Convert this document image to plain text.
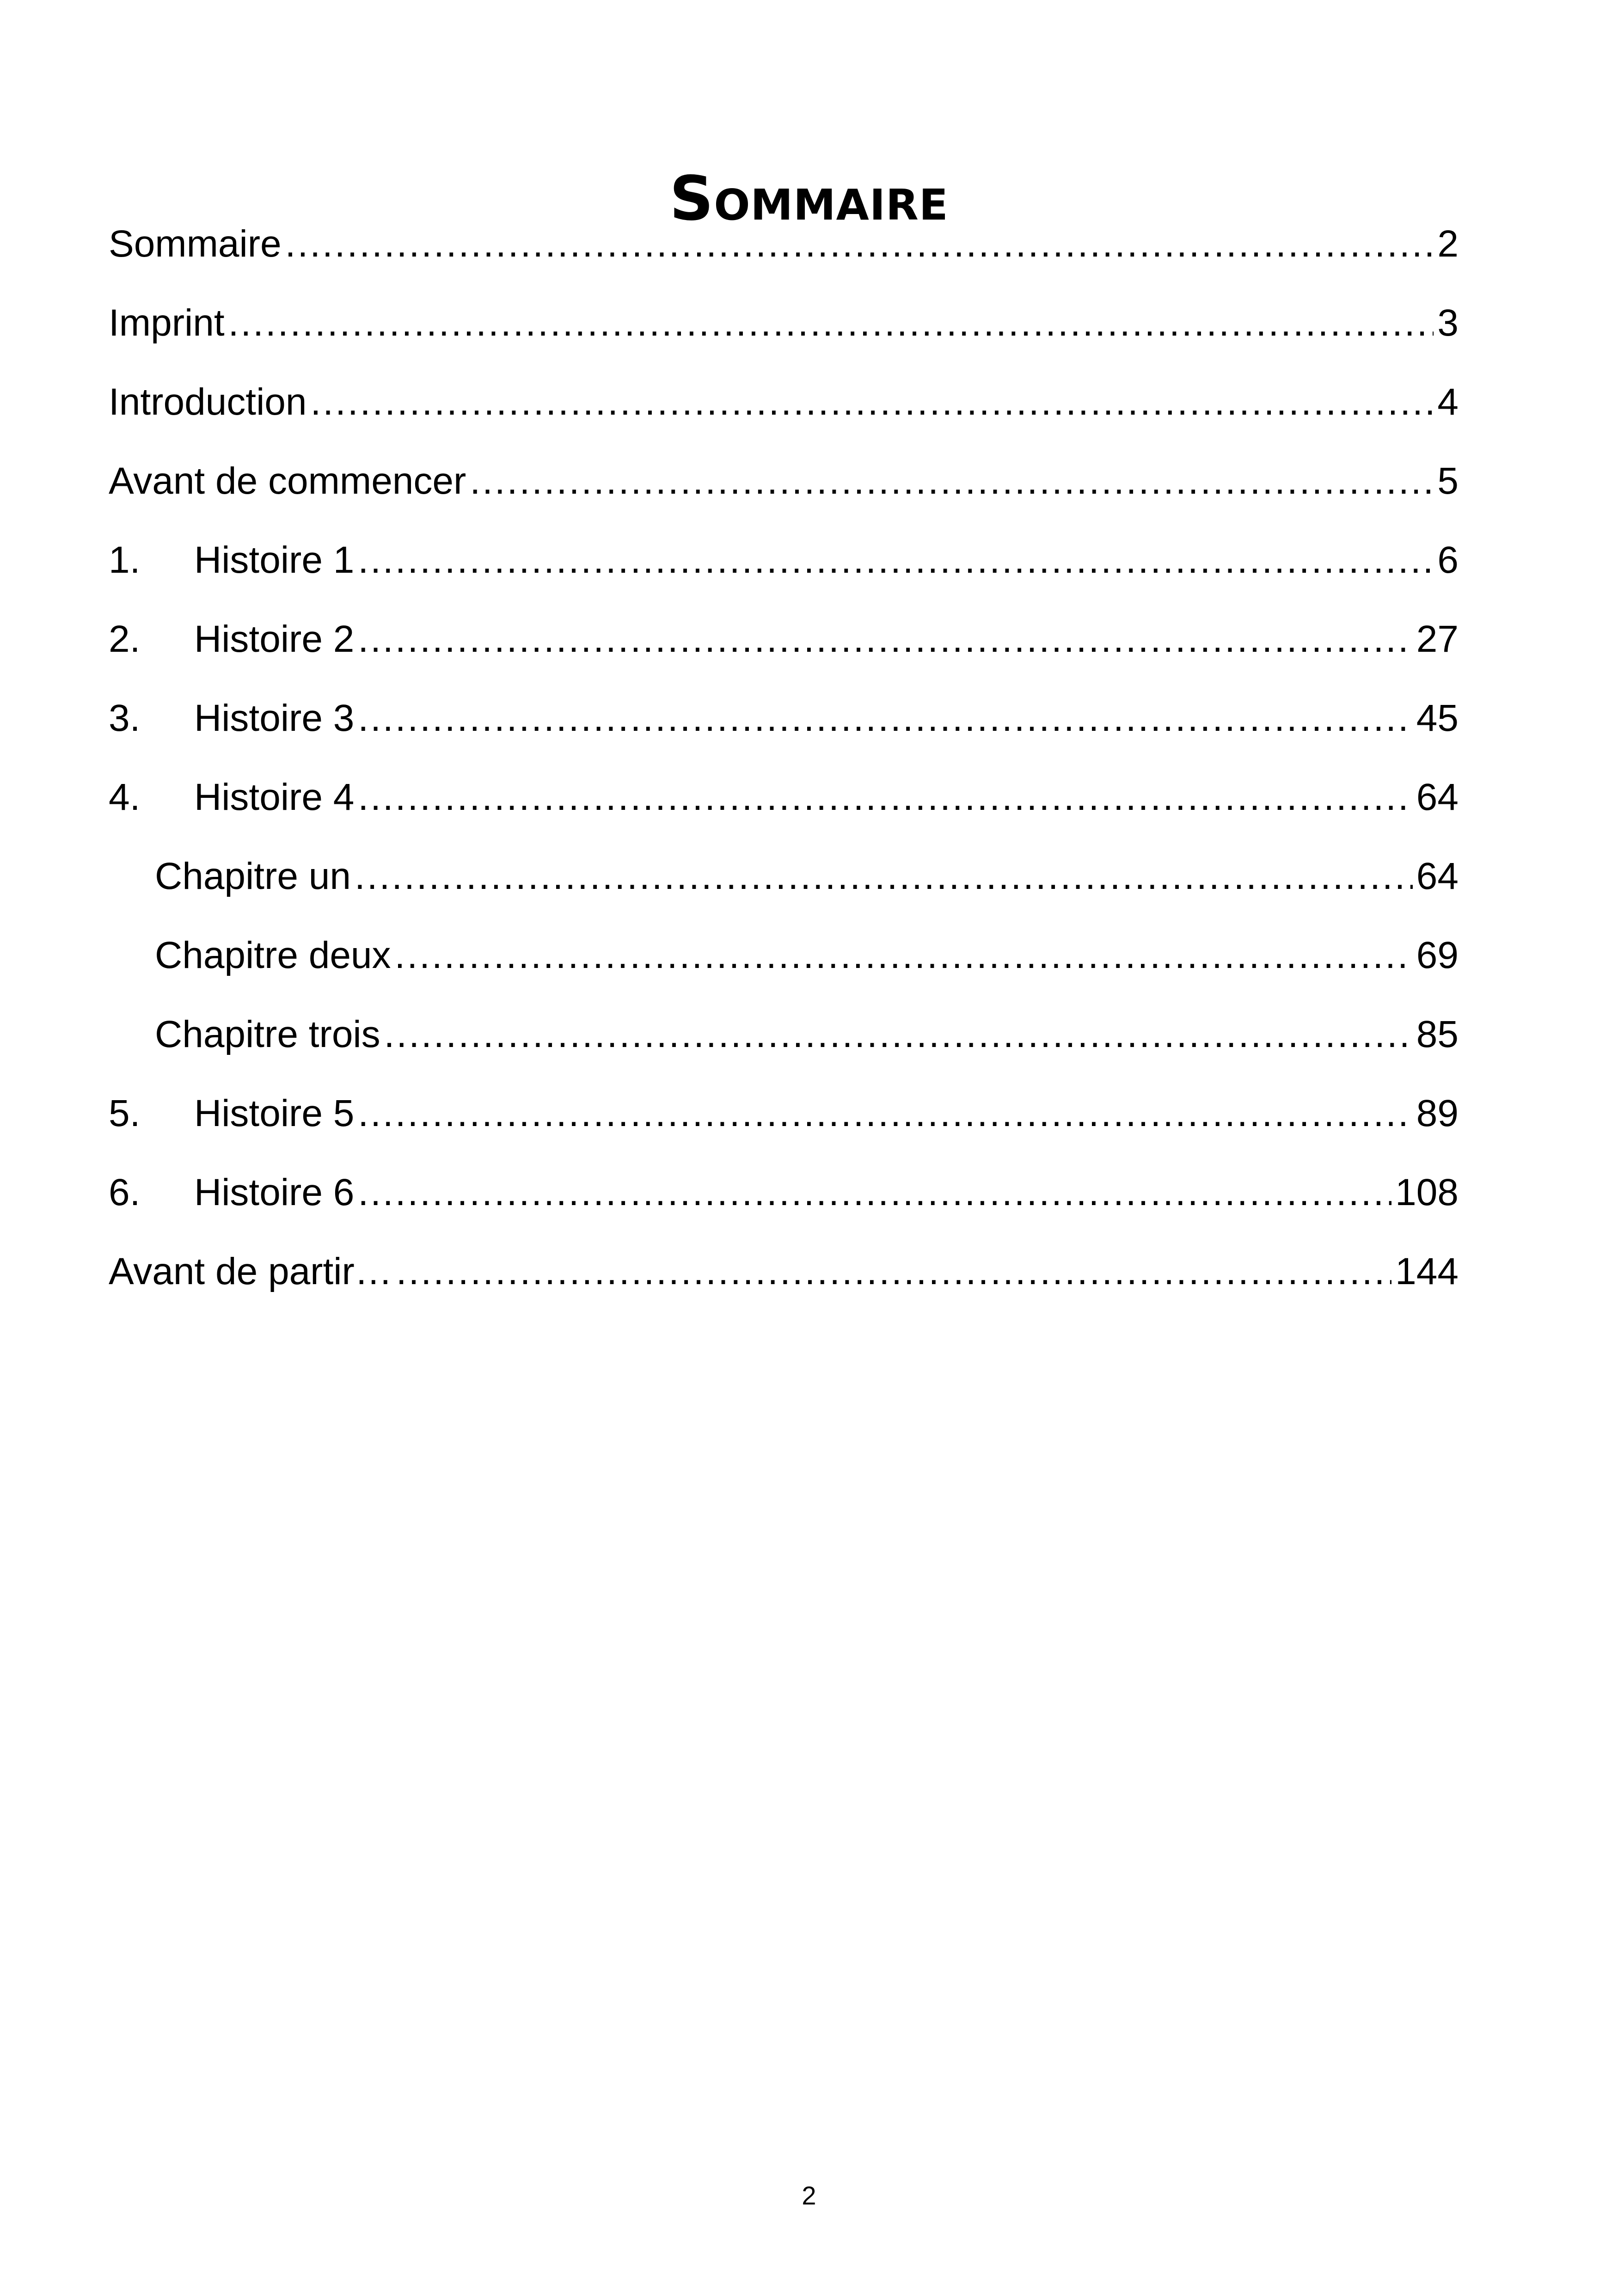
Sommaire
Sommaire .....	2
Imprint .....	3
Introduction .....	4
Avant de commencer .....	5
1.	Histoire 1 .....	6
2.	Histoire 2 .....	27
3.	Histoire 3 .....	45
4.	Histoire 4 .....	64
Chapitre un .....	64
Chapitre deux .....	69
Chapitre trois .....	85
5.	Histoire 5 .....	89
6.	Histoire 6 .....	108
Avant de partir… .....	144
2
